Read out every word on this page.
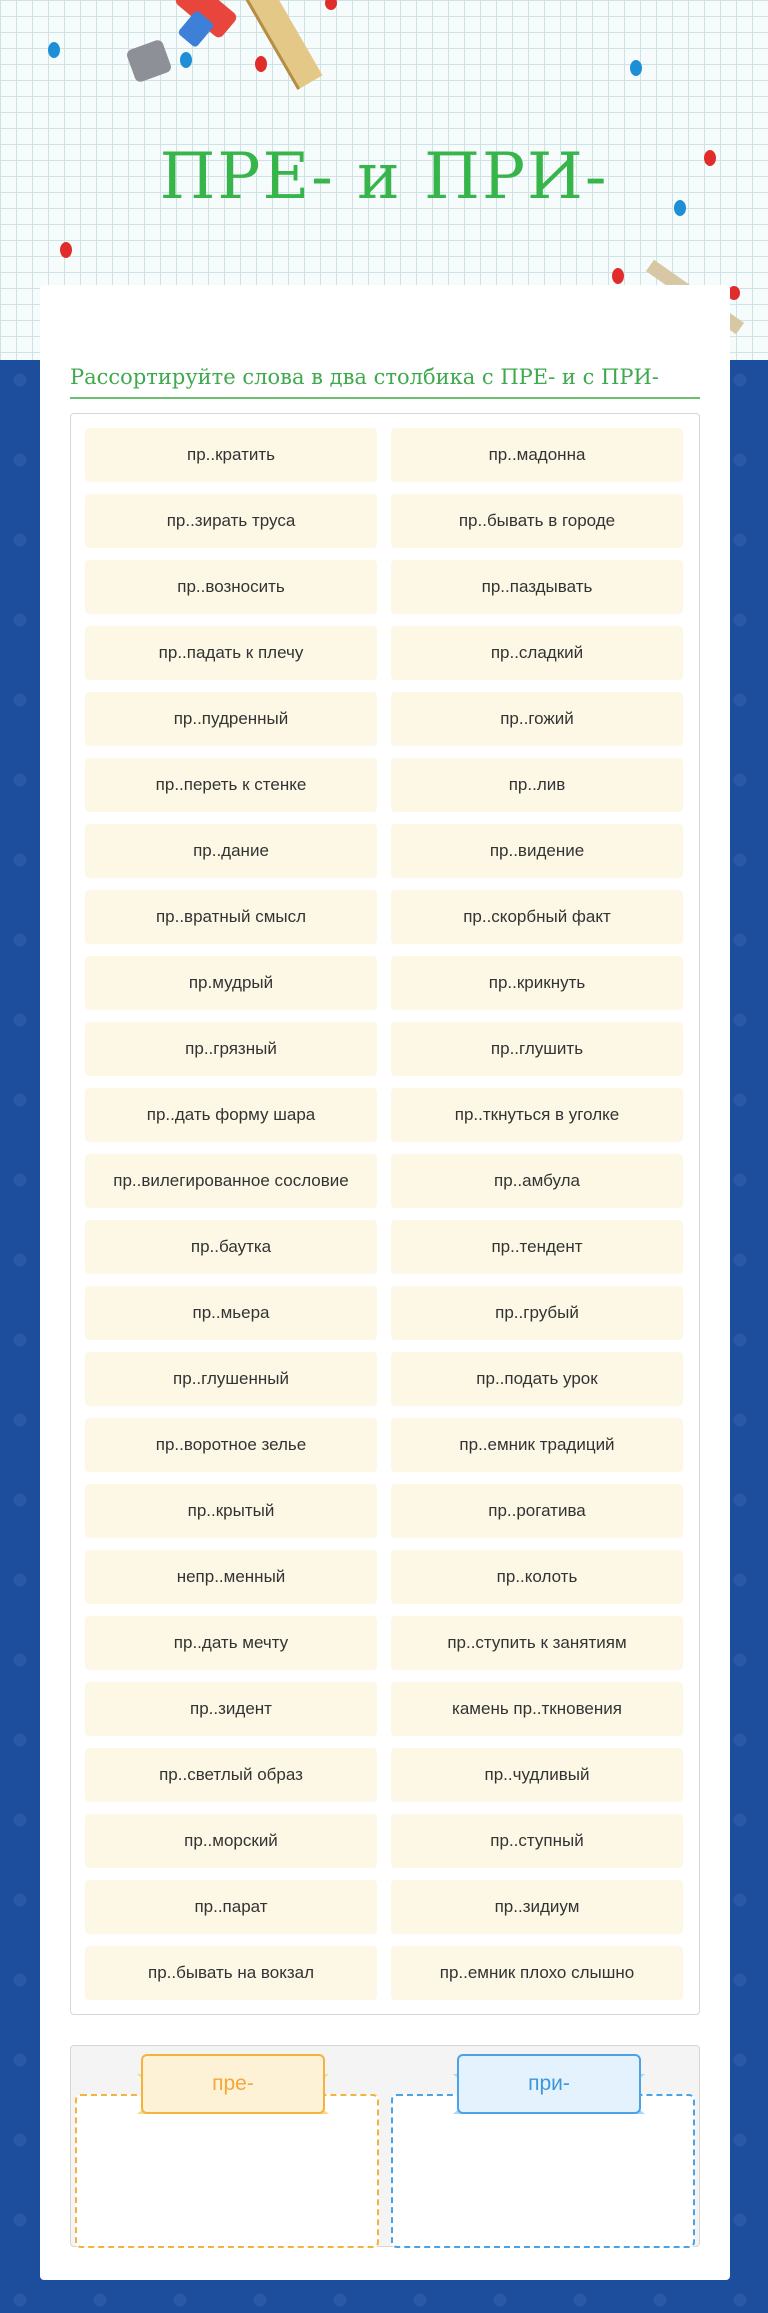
ПРЕ- и ПРИ-
Рассортируйте слова в два столбика с ПРЕ- и с ПРИ-
пр..кратить	пр..мадонна
пр..зирать труса	пр..бывать в городе
пр..возносить	пр..паздывать
пр..падать к плечу	пр..сладкий
пр..пудренный	пр..гожий
пр..переть к стенке	пр..лив
пр..дание	пр..видение
пр..вратный смысл	пр..скорбный факт
пр.мудрый	пр..крикнуть
пр..грязный	пр..глушить
пр..дать форму шара	пр..ткнуться в уголке
пр..вилегированное сословие	пр..амбула
пр..баутка	пр..тендент
пр..мьера	пр..грубый
пр..глушенный	пр..подать урок
пр..воротное зелье	пр..емник традиций
пр..крытый	пр..рогатива
непр..менный	пр..колоть
пр..дать мечту	пр..ступить к занятиям
пр..зидент	камень пр..ткновения
пр..светлый образ	пр..чудливый
пр..морский	пр..ступный
пр..парат	пр..зидиум
пр..бывать на вокзал	пр..емник плохо слышно
пре-	при-
